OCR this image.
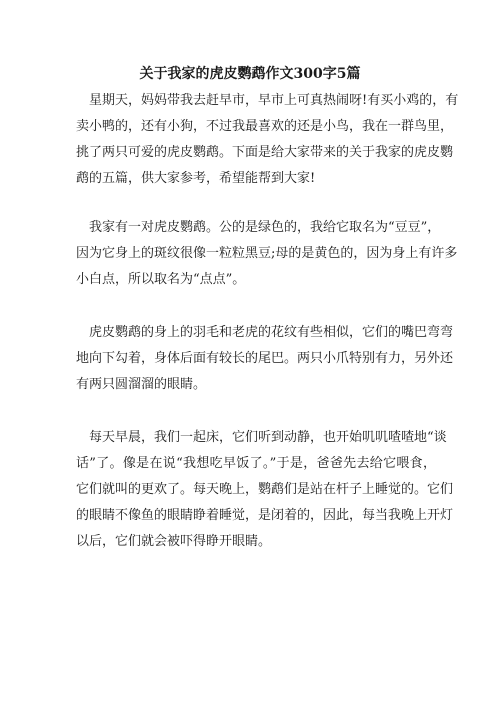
关于我家的虎皮鹦鹉作文300字5篇
星期天，妈妈带我去赶早市，早市上可真热闹呀!有买小鸡的，有
卖小鸭的，还有小狗，不过我最喜欢的还是小鸟，我在一群鸟里，
挑了两只可爱的虎皮鹦鹉。下面是给大家带来的关于我家的虎皮鹦
鹉的五篇，供大家参考，希望能帮到大家!
我家有一对虎皮鹦鹉。公的是绿色的，我给它取名为“豆豆”，
因为它身上的斑纹很像一粒粒黑豆;母的是黄色的，因为身上有许多
小白点，所以取名为“点点”。
虎皮鹦鹉的身上的羽毛和老虎的花纹有些相似，它们的嘴巴弯弯
地向下勾着，身体后面有较长的尾巴。两只小爪特别有力，另外还
有两只圆溜溜的眼睛。
每天早晨，我们一起床，它们听到动静，也开始叽叽喳喳地“谈
话”了。像是在说“我想吃早饭了。”于是，爸爸先去给它喂食，
它们就叫的更欢了。每天晚上，鹦鹉们是站在杆子上睡觉的。它们
的眼睛不像鱼的眼睛睁着睡觉，是闭着的，因此，每当我晚上开灯
以后，它们就会被吓得睁开眼睛。
